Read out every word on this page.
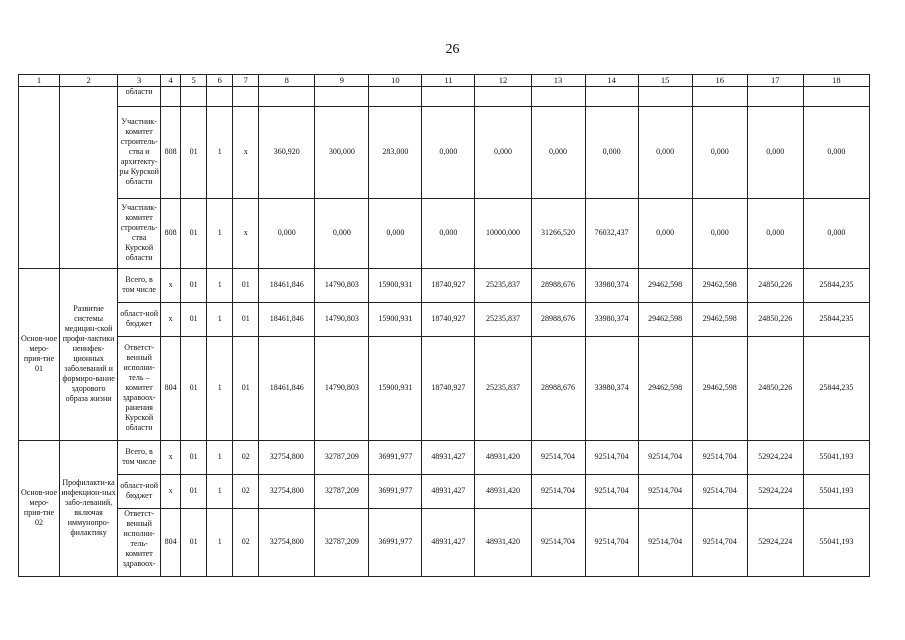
26
1	2	3	4	5	6	7	8	9	10	11	12	13	14	15	16	17	18
		области															
		Участник-комитет строитель-ства и архитекту-ры Курской области	808	01	1	х	360,920	300,000	283,000	0,000	0,000	0,000	0,000	0,000	0,000	0,000	0,000
		Участник-комитет строитель-ства Курской области	808	01	1	х	0,000	0,000	0,000	0,000	10000,000	31266,520	76032,437	0,000	0,000	0,000	0,000
Основ-ное меро-прия-тие 01	Развитие системы медицин-ской профи-лактики неинфек-ционных заболеваний и формиро-вание здорового образа жизни	Всего, в том числе	х	01	1	01	18461,846	14790,803	15900,931	18740,927	25235,837	28988,676	33980,374	29462,598	29462,598	24850,226	25844,235
		област-ной бюджет	х	01	1	01	18461,846	14790,803	15900,931	18740,927	25235,837	28988,676	33980,374	29462,598	29462,598	24850,226	25844,235
		Ответст-венный исполни-тель – комитет здравоох-ранения Курской области	804	01	1	01	18461,846	14790,803	15900,931	18740,927	25235,837	28988,676	33980,374	29462,598	29462,598	24850,226	25844,235
Основ-ное меро-прия-тие 02	Профилакти-ка инфекцион-ных забо-леваний, включая иммунопро-филактику	Всего, в том числе	х	01	1	02	32754,800	32787,209	36991,977	48931,427	48931,420	92514,704	92514,704	92514,704	92514,704	52924,224	55041,193
		област-ной бюджет	х	01	1	02	32754,800	32787,209	36991,977	48931,427	48931,420	92514,704	92514,704	92514,704	92514,704	52924,224	55041,193
		Ответст-венный исполни-тель-комитет здравоох-	804	01	1	02	32754,800	32787,209	36991,977	48931,427	48931,420	92514,704	92514,704	92514,704	92514,704	52924,224	55041,193
